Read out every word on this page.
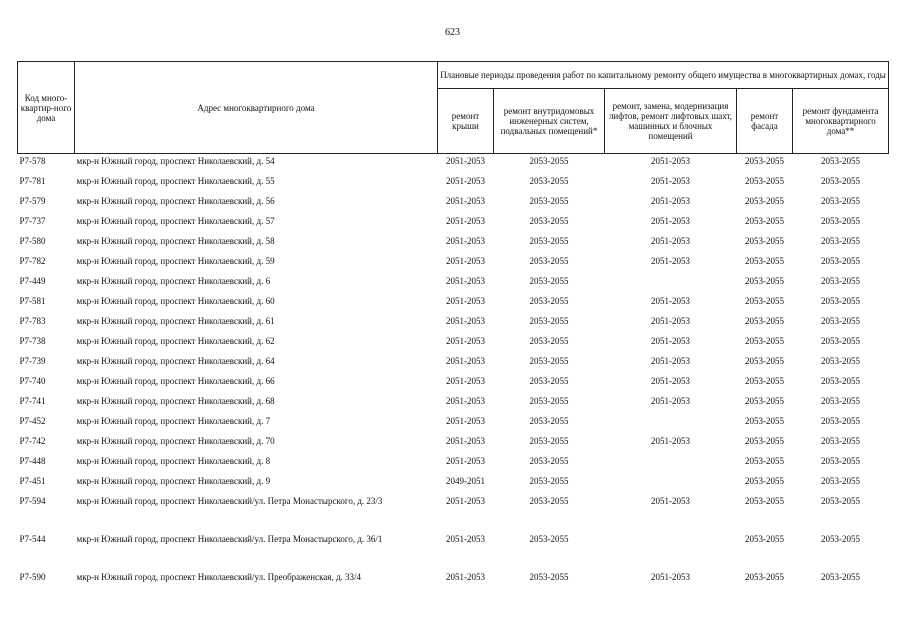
623
Код много-квартир-ного дома	Адрес многоквартирного дома	Плановые периоды проведения работ по капитальному ремонту общего имущества в многоквартирных домах, годы				
		ремонт крыши	ремонт внутридомовых инженерных систем, подвальных помещений*	ремонт, замена, модернизация лифтов, ремонт лифтовых шахт, машинных и блочных помещений	ремонт фасада	ремонт фундамента многоквартирного дома**
Р7-578	мкр-н Южный город, проспект Николаевский, д. 54	2051-2053	2053-2055	2051-2053	2053-2055	2053-2055
Р7-781	мкр-н Южный город, проспект Николаевский, д. 55	2051-2053	2053-2055	2051-2053	2053-2055	2053-2055
Р7-579	мкр-н Южный город, проспект Николаевский, д. 56	2051-2053	2053-2055	2051-2053	2053-2055	2053-2055
Р7-737	мкр-н Южный город, проспект Николаевский, д. 57	2051-2053	2053-2055	2051-2053	2053-2055	2053-2055
Р7-580	мкр-н Южный город, проспект Николаевский, д. 58	2051-2053	2053-2055	2051-2053	2053-2055	2053-2055
Р7-782	мкр-н Южный город, проспект Николаевский, д. 59	2051-2053	2053-2055	2051-2053	2053-2055	2053-2055
Р7-449	мкр-н Южный город, проспект Николаевский, д. 6	2051-2053	2053-2055		2053-2055	2053-2055
Р7-581	мкр-н Южный город, проспект Николаевский, д. 60	2051-2053	2053-2055	2051-2053	2053-2055	2053-2055
Р7-783	мкр-н Южный город, проспект Николаевский, д. 61	2051-2053	2053-2055	2051-2053	2053-2055	2053-2055
Р7-738	мкр-н Южный город, проспект Николаевский, д. 62	2051-2053	2053-2055	2051-2053	2053-2055	2053-2055
Р7-739	мкр-н Южный город, проспект Николаевский, д. 64	2051-2053	2053-2055	2051-2053	2053-2055	2053-2055
Р7-740	мкр-н Южный город, проспект Николаевский, д. 66	2051-2053	2053-2055	2051-2053	2053-2055	2053-2055
Р7-741	мкр-н Южный город, проспект Николаевский, д. 68	2051-2053	2053-2055	2051-2053	2053-2055	2053-2055
Р7-452	мкр-н Южный город, проспект Николаевский, д. 7	2051-2053	2053-2055		2053-2055	2053-2055
Р7-742	мкр-н Южный город, проспект Николаевский, д. 70	2051-2053	2053-2055	2051-2053	2053-2055	2053-2055
Р7-448	мкр-н Южный город, проспект Николаевский, д. 8	2051-2053	2053-2055		2053-2055	2053-2055
Р7-451	мкр-н Южный город, проспект Николаевский, д. 9	2049-2051	2053-2055		2053-2055	2053-2055
Р7-594	мкр-н Южный город, проспект Николаевский/ул. Петра Монастырского, д. 23/3	2051-2053	2053-2055	2051-2053	2053-2055	2053-2055
Р7-544	мкр-н Южный город, проспект Николаевский/ул. Петра Монастырского, д. 36/1	2051-2053	2053-2055		2053-2055	2053-2055
Р7-590	мкр-н Южный город, проспект Николаевский/ул. Преображенская, д. 33/4	2051-2053	2053-2055	2051-2053	2053-2055	2053-2055
